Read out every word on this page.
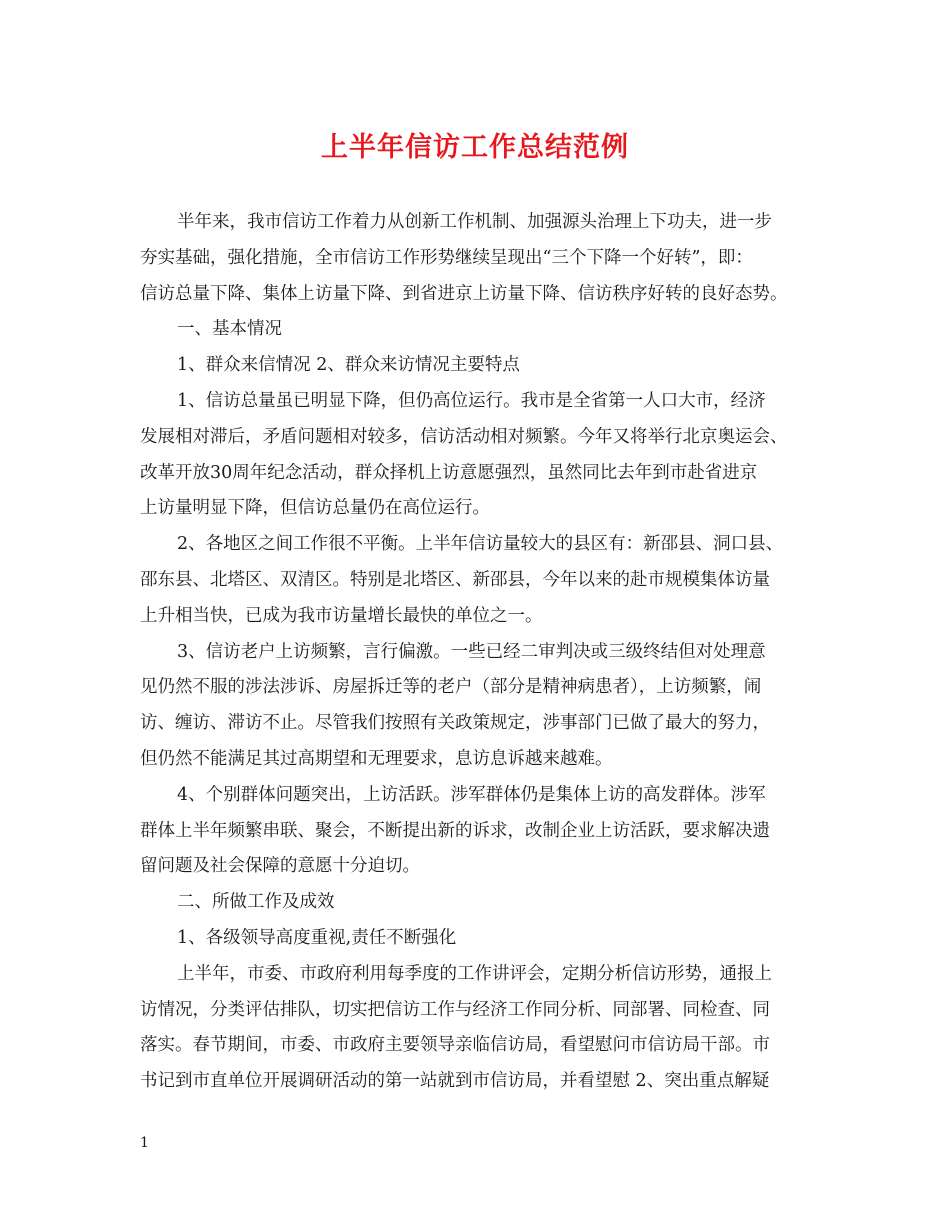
上半年信访工作总结范例
半年来，我市信访工作着力从创新工作机制、加强源头治理上下功夫，进一步
夯实基础，强化措施，全市信访工作形势继续呈现出“三个下降一个好转”，即：
信访总量下降、集体上访量下降、到省进京上访量下降、信访秩序好转的良好态势。
一、基本情况
1、群众来信情况 2、群众来访情况主要特点
1、信访总量虽已明显下降，但仍高位运行。我市是全省第一人口大市，经济
发展相对滞后，矛盾问题相对较多，信访活动相对频繁。今年又将举行北京奥运会、
改革开放30周年纪念活动，群众择机上访意愿强烈，虽然同比去年到市赴省进京
上访量明显下降，但信访总量仍在高位运行。
2、各地区之间工作很不平衡。上半年信访量较大的县区有：新邵县、洞口县、
邵东县、北塔区、双清区。特别是北塔区、新邵县，今年以来的赴市规模集体访量
上升相当快，已成为我市访量增长最快的单位之一。
3、信访老户上访频繁，言行偏激。一些已经二审判决或三级终结但对处理意
见仍然不服的涉法涉诉、房屋拆迁等的老户（部分是精神病患者），上访频繁，闹
访、缠访、滞访不止。尽管我们按照有关政策规定，涉事部门已做了最大的努力，
但仍然不能满足其过高期望和无理要求，息访息诉越来越难。
4、个别群体问题突出，上访活跃。涉军群体仍是集体上访的高发群体。涉军
群体上半年频繁串联、聚会，不断提出新的诉求，改制企业上访活跃，要求解决遗
留问题及社会保障的意愿十分迫切。
二、所做工作及成效
1、各级领导高度重视,责任不断强化
上半年，市委、市政府利用每季度的工作讲评会，定期分析信访形势，通报上
访情况，分类评估排队，切实把信访工作与经济工作同分析、同部署、同检查、同
落实。春节期间，市委、市政府主要领导亲临信访局，看望慰问市信访局干部。市
书记到市直单位开展调研活动的第一站就到市信访局，并看望慰 2、突出重点解疑
1
